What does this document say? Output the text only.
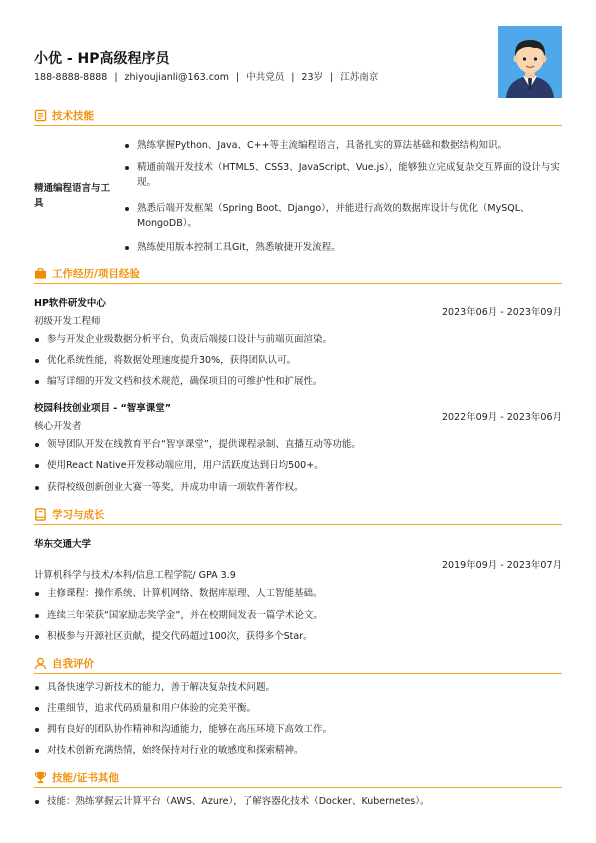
小优 - HP高级程序员
188-8888-8888 | zhiyoujianli@163.com | 中共党员 | 23岁 | 江苏南京
技术技能
精通编程语言与工具
熟练掌握Python、Java、C++等主流编程语言，具备扎实的算法基础和数据结构知识。
精通前端开发技术（HTML5、CSS3、JavaScript、Vue.js），能够独立完成复杂交互界面的设计与实现。
熟悉后端开发框架（Spring Boot、Django），并能进行高效的数据库设计与优化（MySQL、MongoDB）。
熟练使用版本控制工具Git，熟悉敏捷开发流程。
工作经历/项目经验
HP软件研发中心
初级开发工程师
2023年06月 - 2023年09月
参与开发企业级数据分析平台，负责后端接口设计与前端页面渲染。
优化系统性能，将数据处理速度提升30%，获得团队认可。
编写详细的开发文档和技术规范，确保项目的可维护性和扩展性。
校园科技创业项目 - “智享课堂”
核心开发者
2022年09月 - 2023年06月
领导团队开发在线教育平台“智享课堂”，提供课程录制、直播互动等功能。
使用React Native开发移动端应用，用户活跃度达到日均500+。
获得校级创新创业大赛一等奖，并成功申请一项软件著作权。
学习与成长
华东交通大学
2019年09月 - 2023年07月
计算机科学与技术/本科/信息工程学院/ GPA 3.9
主修课程：操作系统、计算机网络、数据库原理、人工智能基础。
连续三年荣获“国家励志奖学金”，并在校期间发表一篇学术论文。
积极参与开源社区贡献，提交代码超过100次，获得多个Star。
自我评价
具备快速学习新技术的能力，善于解决复杂技术问题。
注重细节，追求代码质量和用户体验的完美平衡。
拥有良好的团队协作精神和沟通能力，能够在高压环境下高效工作。
对技术创新充满热情，始终保持对行业的敏感度和探索精神。
技能/证书其他
技能：熟练掌握云计算平台（AWS、Azure），了解容器化技术（Docker、Kubernetes）。
